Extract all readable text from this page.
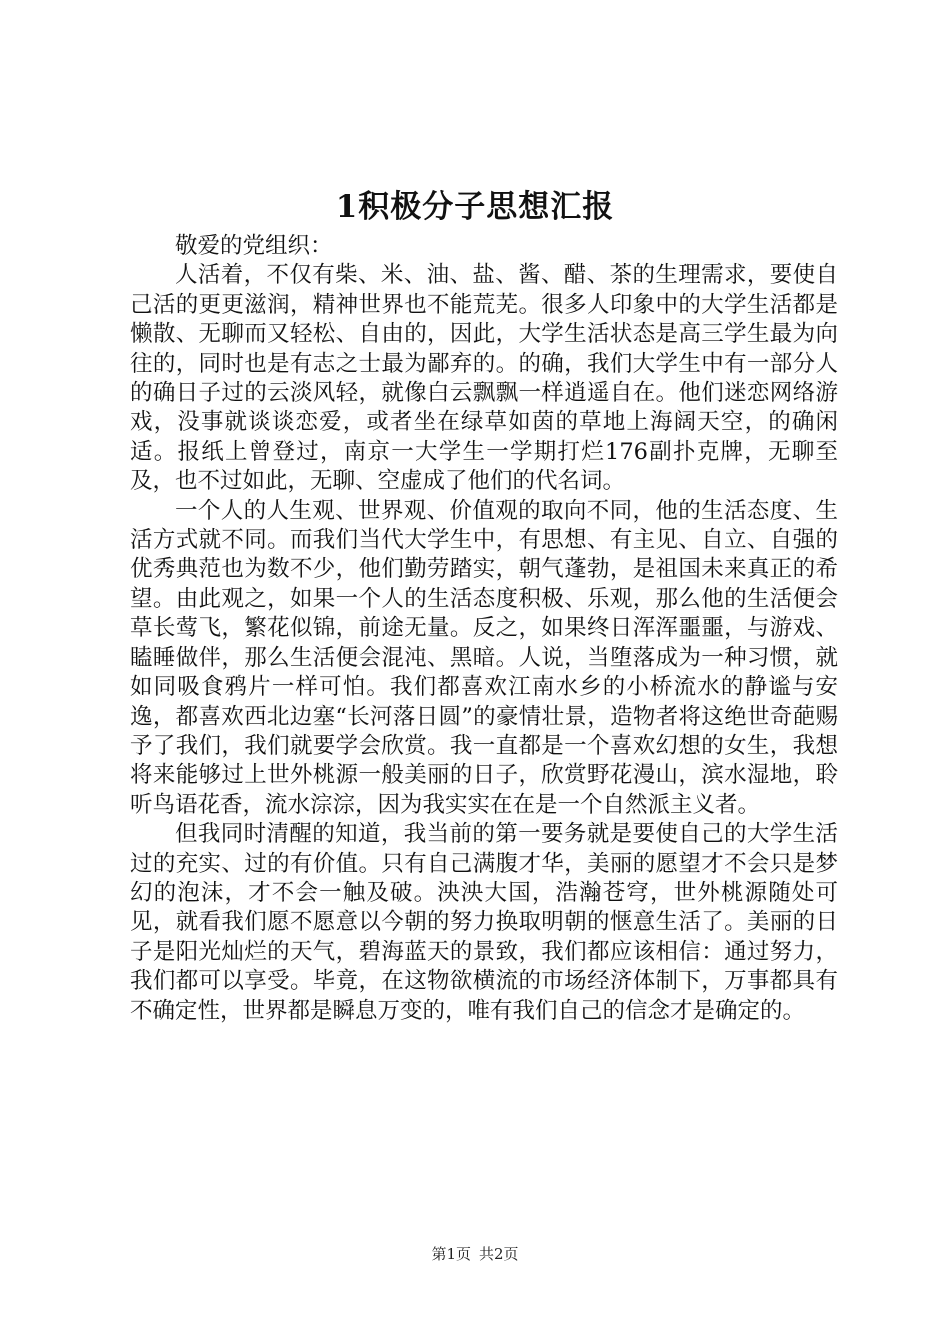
1积极分子思想汇报

敬爱的党组织：

人活着，不仅有柴、米、油、盐、酱、醋、茶的生理需求，要使自己活的更更滋润，精神世界也不能荒芜。很多人印象中的大学生活都是懒散、无聊而又轻松、自由的，因此，大学生活状态是高三学生最为向往的，同时也是有志之士最为鄙弃的。的确，我们大学生中有一部分人的确日子过的云淡风轻，就像白云飘飘一样逍遥自在。他们迷恋网络游戏，没事就谈谈恋爱，或者坐在绿草如茵的草地上海阔天空，的确闲适。报纸上曾登过，南京一大学生一学期打烂176副扑克牌，无聊至及，也不过如此，无聊、空虚成了他们的代名词。

一个人的人生观、世界观、价值观的取向不同，他的生活态度、生活方式就不同。而我们当代大学生中，有思想、有主见、自立、自强的优秀典范也为数不少，他们勤劳踏实，朝气蓬勃，是祖国未来真正的希望。由此观之，如果一个人的生活态度积极、乐观，那么他的生活便会草长莺飞，繁花似锦，前途无量。反之，如果终日浑浑噩噩，与游戏、瞌睡做伴，那么生活便会混沌、黑暗。人说，当堕落成为一种习惯，就如同吸食鸦片一样可怕。我们都喜欢江南水乡的小桥流水的静谧与安逸，都喜欢西北边塞“长河落日圆”的豪情壮景，造物者将这绝世奇葩赐予了我们，我们就要学会欣赏。我一直都是一个喜欢幻想的女生，我想将来能够过上世外桃源一般美丽的日子，欣赏野花漫山，滨水湿地，聆听鸟语花香，流水淙淙，因为我实实在在是一个自然派主义者。

但我同时清醒的知道，我当前的第一要务就是要使自己的大学生活过的充实、过的有价值。只有自己满腹才华，美丽的愿望才不会只是梦幻的泡沫，才不会一触及破。泱泱大国，浩瀚苍穹，世外桃源随处可见，就看我们愿不愿意以今朝的努力换取明朝的惬意生活了。美丽的日子是阳光灿烂的天气，碧海蓝天的景致，我们都应该相信：通过努力，我们都可以享受。毕竟，在这物欲横流的市场经济体制下，万事都具有不确定性，世界都是瞬息万变的，唯有我们自己的信念才是确定的。

第1页 共2页
